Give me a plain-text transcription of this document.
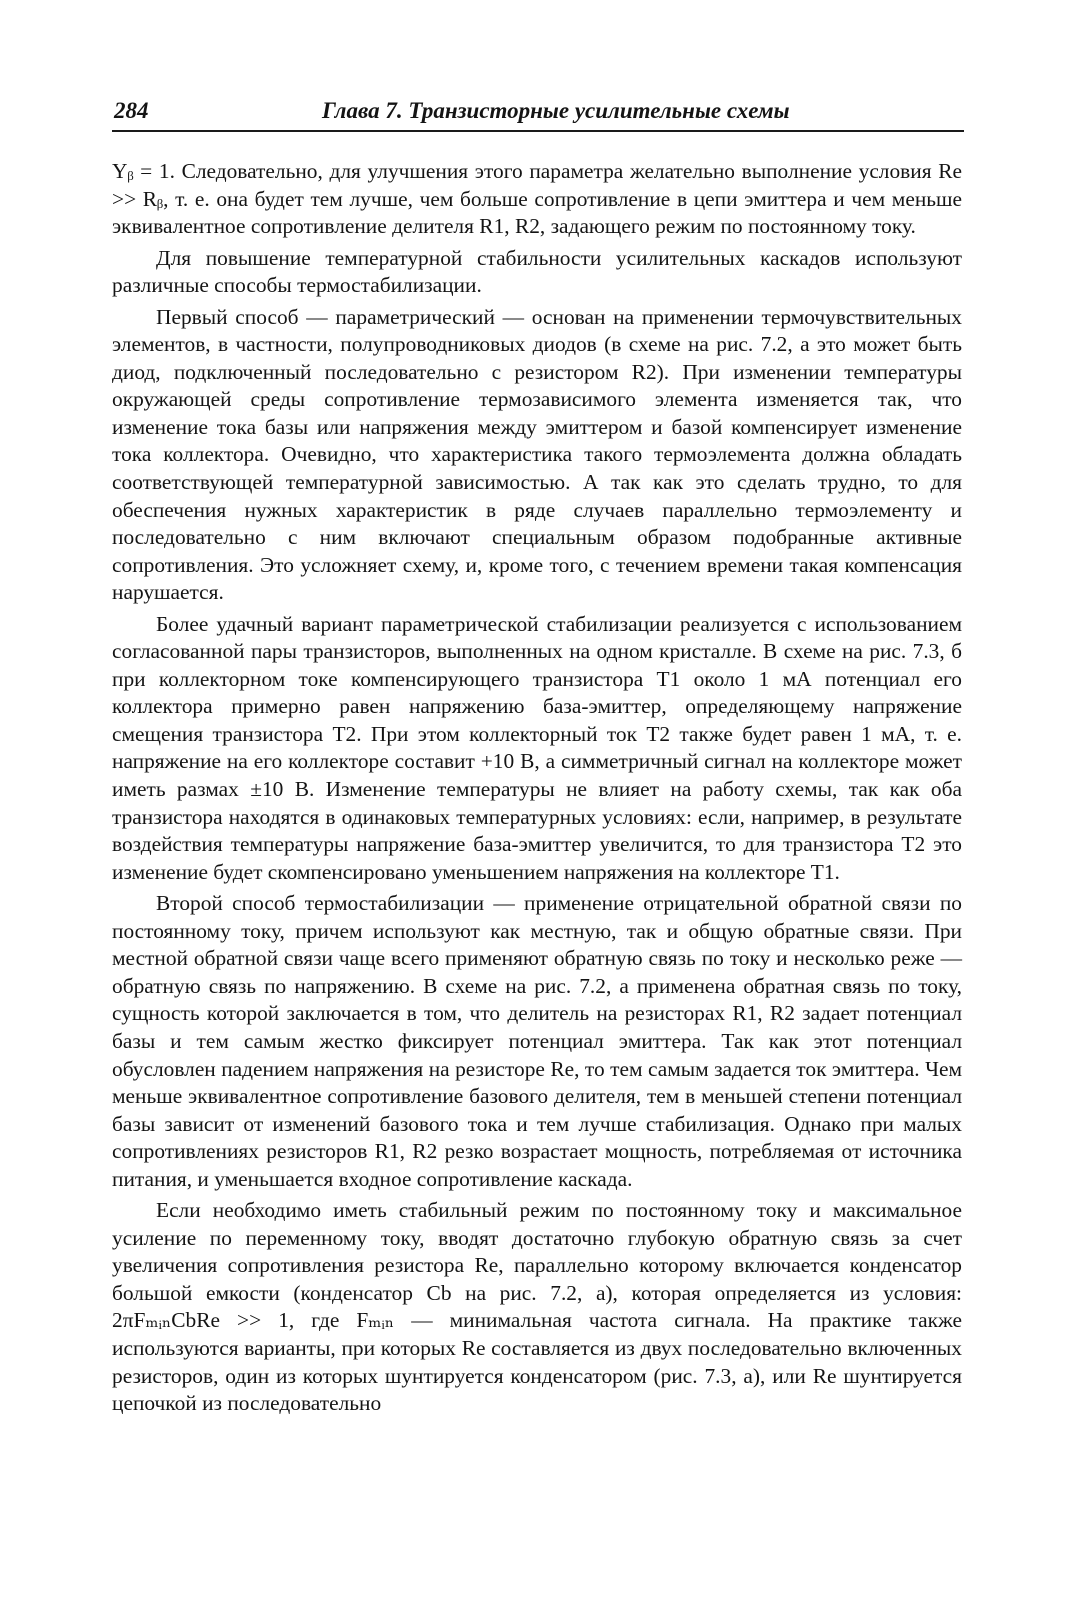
284	Глава 7. Транзисторные усилительные схемы

Yᵦ = 1. Следовательно, для улучшения этого параметра желательно выполнение условия Re >> Rᵦ, т. е. она будет тем лучше, чем больше сопротивление в цепи эмиттера и чем меньше эквивалентное сопротивление делителя R1, R2, задающего режим по постоянному току.

Для повышение температурной стабильности усилительных каскадов используют различные способы термостабилизации.

Первый способ — параметрический — основан на применении термочувствительных элементов, в частности, полупроводниковых диодов (в схеме на рис. 7.2, а это может быть диод, подключенный последовательно с резистором R2). При изменении температуры окружающей среды сопротивление термозависимого элемента изменяется так, что изменение тока базы или напряжения между эмиттером и базой компенсирует изменение тока коллектора. Очевидно, что характеристика такого термоэлемента должна обладать соответствующей температурной зависимостью. А так как это сделать трудно, то для обеспечения нужных характеристик в ряде случаев параллельно термоэлементу и последовательно с ним включают специальным образом подобранные активные сопротивления. Это усложняет схему, и, кроме того, с течением времени такая компенсация нарушается.

Более удачный вариант параметрической стабилизации реализуется с использованием согласованной пары транзисторов, выполненных на одном кристалле. В схеме на рис. 7.3, б при коллекторном токе компенсирующего транзистора Т1 около 1 мА потенциал его коллектора примерно равен напряжению база-эмиттер, определяющему напряжение смещения транзистора Т2. При этом коллекторный ток Т2 также будет равен 1 мА, т. е. напряжение на его коллекторе составит +10 В, а симметричный сигнал на коллекторе может иметь размах ±10 В. Изменение температуры не влияет на работу схемы, так как оба транзистора находятся в одинаковых температурных условиях: если, например, в результате воздействия температуры напряжение база-эмиттер увеличится, то для транзистора Т2 это изменение будет скомпенсировано уменьшением напряжения на коллекторе Т1.

Второй способ термостабилизации — применение отрицательной обратной связи по постоянному току, причем используют как местную, так и общую обратные связи. При местной обратной связи чаще всего применяют обратную связь по току и несколько реже — обратную связь по напряжению. В схеме на рис. 7.2, а применена обратная связь по току, сущность которой заключается в том, что делитель на резисторах R1, R2 задает потенциал базы и тем самым жестко фиксирует потенциал эмиттера. Так как этот потенциал обусловлен падением напряжения на резисторе Re, то тем самым задается ток эмиттера. Чем меньше эквивалентное сопротивление базового делителя, тем в меньшей степени потенциал базы зависит от изменений базового тока и тем лучше стабилизация. Однако при малых сопротивлениях резисторов R1, R2 резко возрастает мощность, потребляемая от источника питания, и уменьшается входное сопротивление каскада.

Если необходимо иметь стабильный режим по постоянному току и максимальное усиление по переменному току, вводят достаточно глубокую обратную связь за счет увеличения сопротивления резистора Re, параллельно которому включается конденсатор большой емкости (конденсатор Cb на рис. 7.2, а), которая определяется из условия: 2πFₘᵢₙCbRe >> 1, где Fₘᵢₙ — минимальная частота сигнала. На практике также используются варианты, при которых Re составляется из двух последовательно включенных резисторов, один из которых шунтируется конденсатором (рис. 7.3, а), или Re шунтируется цепочкой из последовательно
